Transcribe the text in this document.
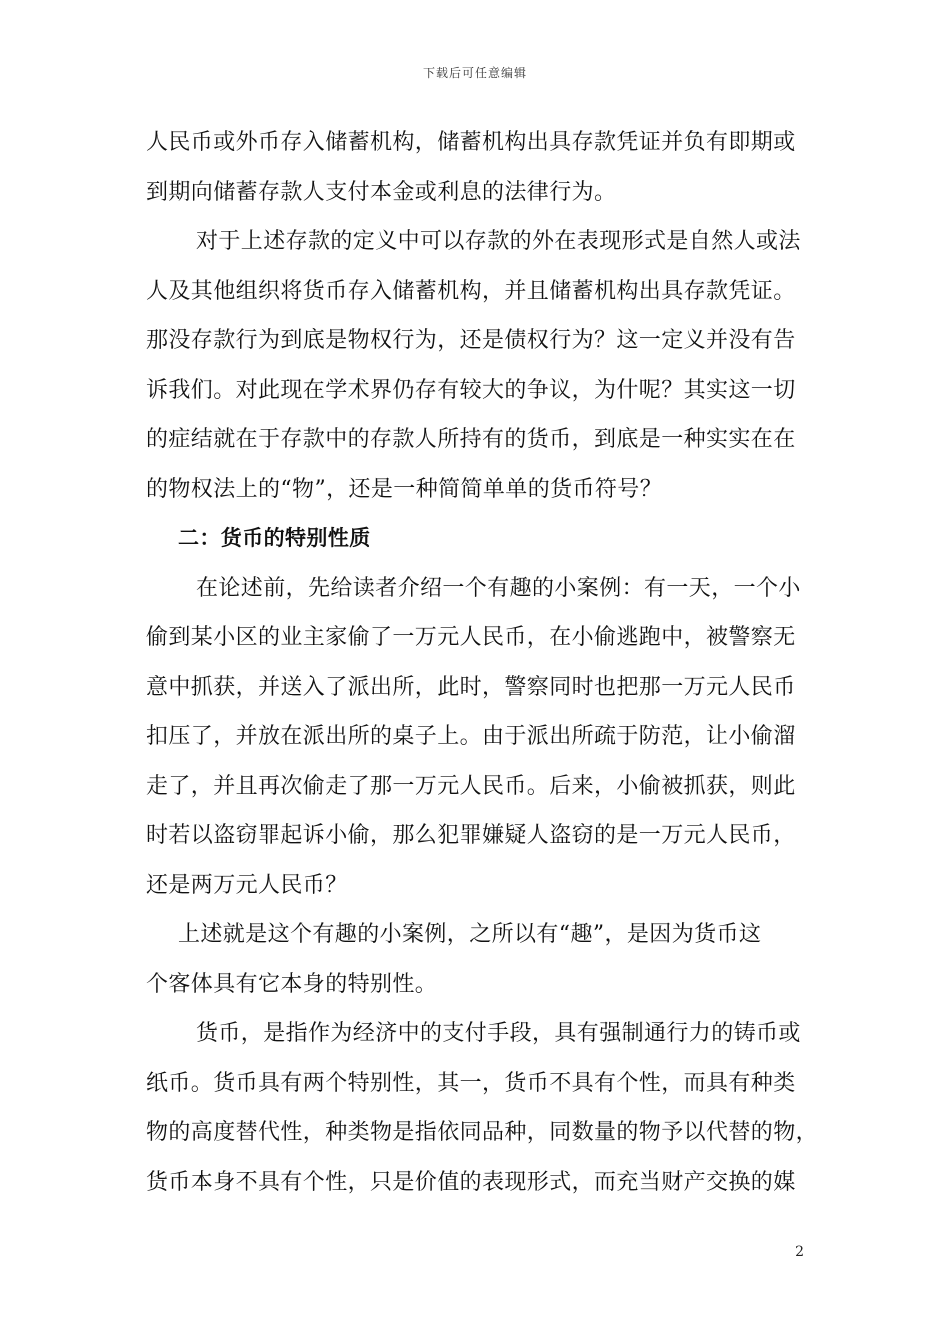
下载后可任意编辑
人民币或外币存入储蓄机构，储蓄机构出具存款凭证并负有即期或
到期向储蓄存款人支付本金或利息的法律行为。
对于上述存款的定义中可以存款的外在表现形式是自然人或法
人及其他组织将货币存入储蓄机构，并且储蓄机构出具存款凭证。
那没存款行为到底是物权行为，还是债权行为？这一定义并没有告
诉我们。对此现在学术界仍存有较大的争议，为什呢？其实这一切
的症结就在于存款中的存款人所持有的货币，到底是一种实实在在
的物权法上的“物”，还是一种简简单单的货币符号？
二：货币的特别性质
在论述前，先给读者介绍一个有趣的小案例：有一天，一个小
偷到某小区的业主家偷了一万元人民币，在小偷逃跑中，被警察无
意中抓获，并送入了派出所，此时，警察同时也把那一万元人民币
扣压了，并放在派出所的桌子上。由于派出所疏于防范，让小偷溜
走了，并且再次偷走了那一万元人民币。后来，小偷被抓获，则此
时若以盗窃罪起诉小偷，那么犯罪嫌疑人盗窃的是一万元人民币，
还是两万元人民币？
上述就是这个有趣的小案例，之所以有“趣”，是因为货币这
个客体具有它本身的特别性。
货币，是指作为经济中的支付手段，具有强制通行力的铸币或
纸币。货币具有两个特别性，其一，货币不具有个性，而具有种类
物的高度替代性，种类物是指依同品种，同数量的物予以代替的物，
货币本身不具有个性，只是价值的表现形式，而充当财产交换的媒
2
